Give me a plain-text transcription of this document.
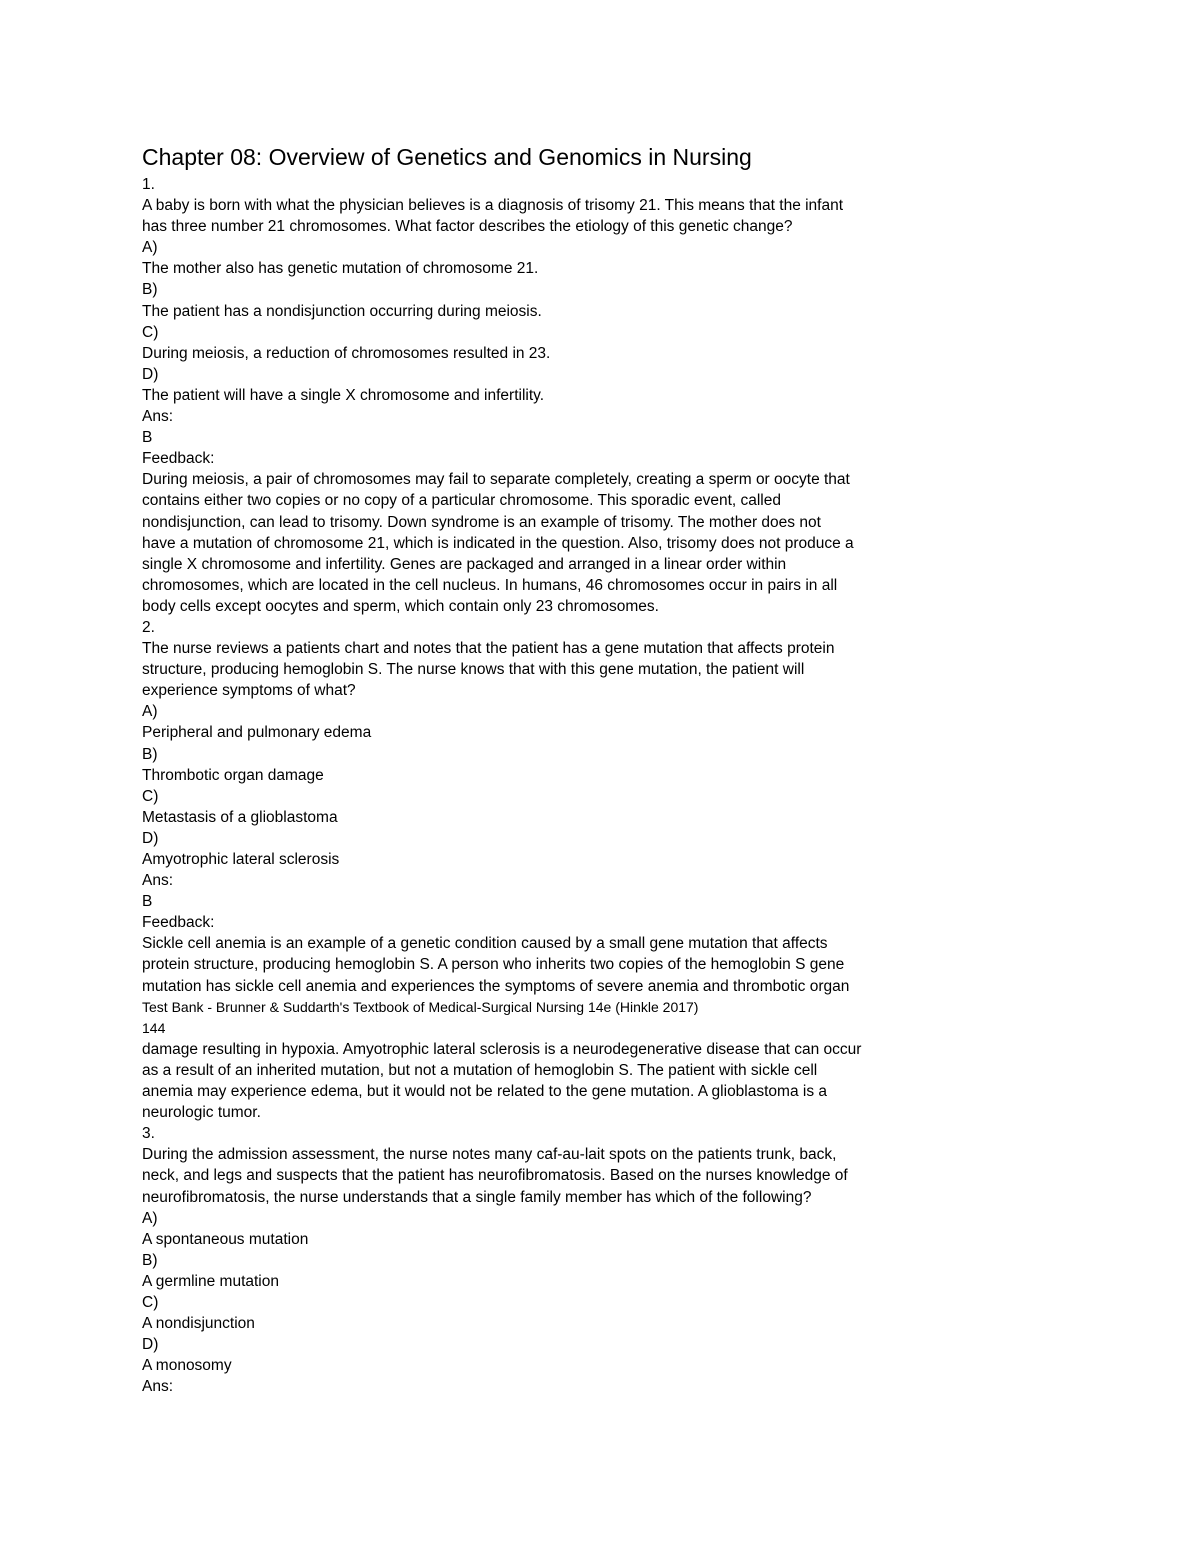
Chapter 08: Overview of Genetics and Genomics in Nursing
1.
A baby is born with what the physician believes is a diagnosis of trisomy 21. This means that the infant
has three number 21 chromosomes. What factor describes the etiology of this genetic change?
A)
The mother also has genetic mutation of chromosome 21.
B)
The patient has a nondisjunction occurring during meiosis.
C)
During meiosis, a reduction of chromosomes resulted in 23.
D)
The patient will have a single X chromosome and infertility.
Ans:
B
Feedback:
During meiosis, a pair of chromosomes may fail to separate completely, creating a sperm or oocyte that
contains either two copies or no copy of a particular chromosome. This sporadic event, called
nondisjunction, can lead to trisomy. Down syndrome is an example of trisomy. The mother does not
have a mutation of chromosome 21, which is indicated in the question. Also, trisomy does not produce a
single X chromosome and infertility. Genes are packaged and arranged in a linear order within
chromosomes, which are located in the cell nucleus. In humans, 46 chromosomes occur in pairs in all
body cells except oocytes and sperm, which contain only 23 chromosomes.
2.
The nurse reviews a patients chart and notes that the patient has a gene mutation that affects protein
structure, producing hemoglobin S. The nurse knows that with this gene mutation, the patient will
experience symptoms of what?
A)
Peripheral and pulmonary edema
B)
Thrombotic organ damage
C)
Metastasis of a glioblastoma
D)
Amyotrophic lateral sclerosis
Ans:
B
Feedback:
Sickle cell anemia is an example of a genetic condition caused by a small gene mutation that affects
protein structure, producing hemoglobin S. A person who inherits two copies of the hemoglobin S gene
mutation has sickle cell anemia and experiences the symptoms of severe anemia and thrombotic organ
Test Bank - Brunner & Suddarth's Textbook of Medical-Surgical Nursing 14e (Hinkle 2017)
144
damage resulting in hypoxia. Amyotrophic lateral sclerosis is a neurodegenerative disease that can occur
as a result of an inherited mutation, but not a mutation of hemoglobin S. The patient with sickle cell
anemia may experience edema, but it would not be related to the gene mutation. A glioblastoma is a
neurologic tumor.
3.
During the admission assessment, the nurse notes many caf-au-lait spots on the patients trunk, back,
neck, and legs and suspects that the patient has neurofibromatosis. Based on the nurses knowledge of
neurofibromatosis, the nurse understands that a single family member has which of the following?
A)
A spontaneous mutation
B)
A germline mutation
C)
A nondisjunction
D)
A monosomy
Ans:
